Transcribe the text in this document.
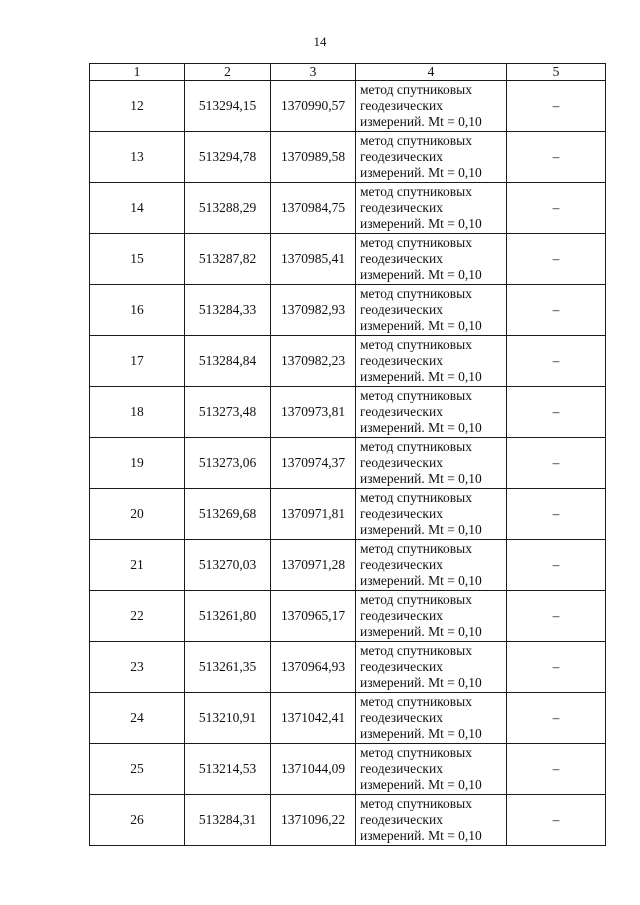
14
1	2	3	4	5
12	513294,15	1370990,57	метод спутниковых
геодезических
измерений. Mt = 0,10	–
13	513294,78	1370989,58	метод спутниковых
геодезических
измерений. Mt = 0,10	–
14	513288,29	1370984,75	метод спутниковых
геодезических
измерений. Mt = 0,10	–
15	513287,82	1370985,41	метод спутниковых
геодезических
измерений. Mt = 0,10	–
16	513284,33	1370982,93	метод спутниковых
геодезических
измерений. Mt = 0,10	–
17	513284,84	1370982,23	метод спутниковых
геодезических
измерений. Mt = 0,10	–
18	513273,48	1370973,81	метод спутниковых
геодезических
измерений. Mt = 0,10	–
19	513273,06	1370974,37	метод спутниковых
геодезических
измерений. Mt = 0,10	–
20	513269,68	1370971,81	метод спутниковых
геодезических
измерений. Mt = 0,10	–
21	513270,03	1370971,28	метод спутниковых
геодезических
измерений. Mt = 0,10	–
22	513261,80	1370965,17	метод спутниковых
геодезических
измерений. Mt = 0,10	–
23	513261,35	1370964,93	метод спутниковых
геодезических
измерений. Mt = 0,10	–
24	513210,91	1371042,41	метод спутниковых
геодезических
измерений. Mt = 0,10	–
25	513214,53	1371044,09	метод спутниковых
геодезических
измерений. Mt = 0,10	–
26	513284,31	1371096,22	метод спутниковых
геодезических
измерений. Mt = 0,10	–
